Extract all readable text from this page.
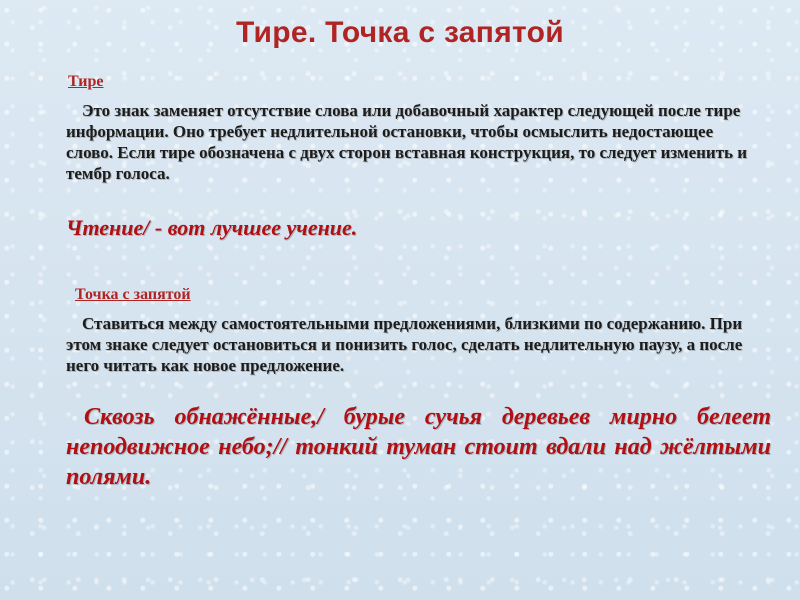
Тире. Точка с запятой
Тире
Это знак заменяет отсутствие слова или добавочный характер следующей после тире информации. Оно требует недлительной остановки, чтобы осмыслить недостающее слово. Если тире обозначена с двух сторон вставная конструкция, то следует изменить и тембр голоса.
Чтение/ - вот лучшее учение.
Точка с запятой
Ставиться между самостоятельными предложениями, близкими по содержанию. При этом знаке следует остановиться и понизить голос, сделать недлительную паузу, а после него читать как новое предложение.
Сквозь обнажённые,/ бурые сучья деревьев мирно белеет неподвижное небо;// тонкий туман стоит вдали над жёлтыми полями.
